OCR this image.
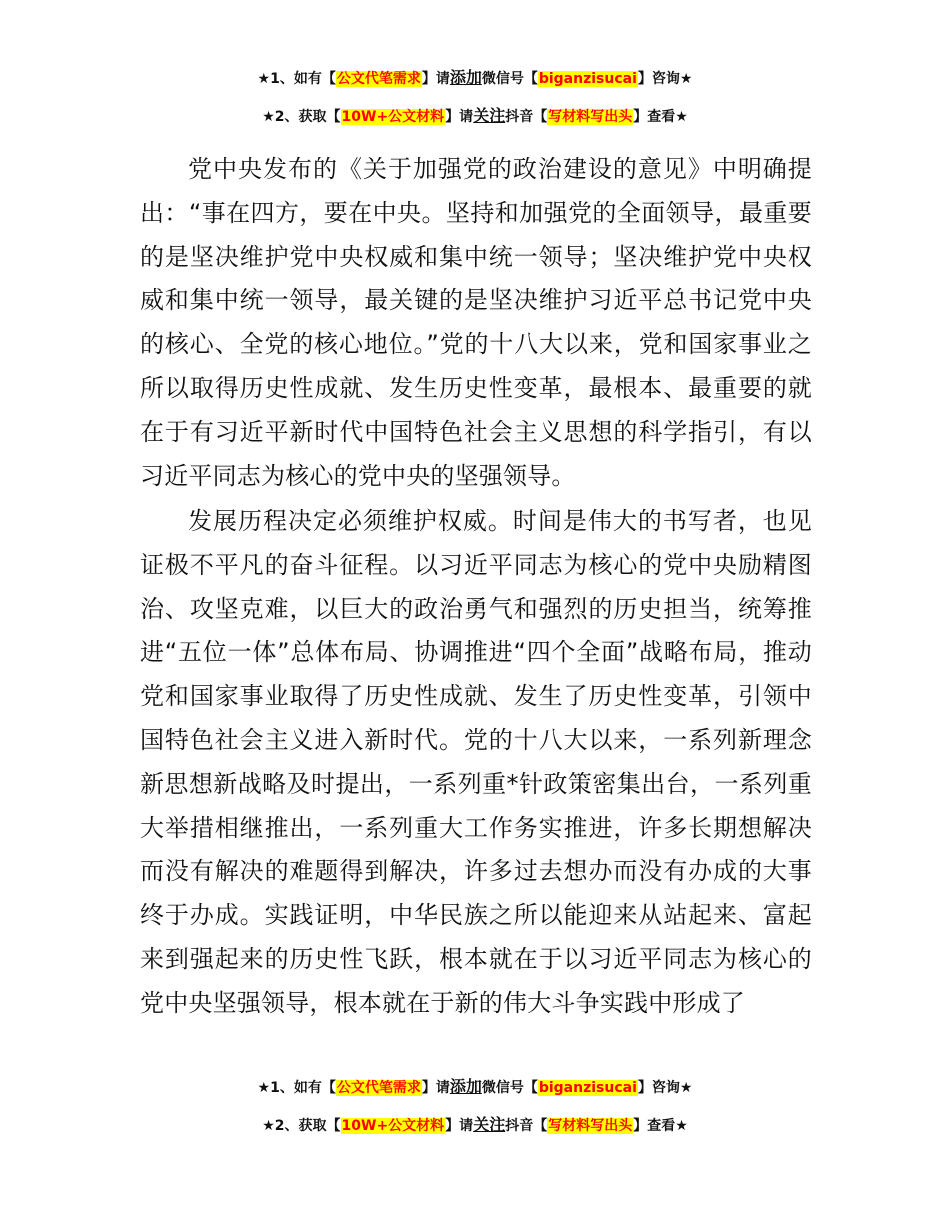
★1、如有【公文代笔需求】请添加微信号【biganzisucai】咨询★
★2、获取【10W+公文材料】请关注抖音【写材料写出头】查看★

党中央发布的《关于加强党的政治建设的意见》中明确提出：“事在四方，要在中央。坚持和加强党的全面领导，最重要的是坚决维护党中央权威和集中统一领导；坚决维护党中央权威和集中统一领导，最关键的是坚决维护习近平总书记党中央的核心、全党的核心地位。”党的十八大以来，党和国家事业之所以取得历史性成就、发生历史性变革，最根本、最重要的就在于有习近平新时代中国特色社会主义思想的科学指引，有以习近平同志为核心的党中央的坚强领导。

发展历程决定必须维护权威。时间是伟大的书写者，也见证极不平凡的奋斗征程。以习近平同志为核心的党中央励精图治、攻坚克难，以巨大的政治勇气和强烈的历史担当，统筹推进“五位一体”总体布局、协调推进“四个全面”战略布局，推动党和国家事业取得了历史性成就、发生了历史性变革，引领中国特色社会主义进入新时代。党的十八大以来，一系列新理念新思想新战略及时提出，一系列重*针政策密集出台，一系列重大举措相继推出，一系列重大工作务实推进，许多长期想解决而没有解决的难题得到解决，许多过去想办而没有办成的大事终于办成。实践证明，中华民族之所以能迎来从站起来、富起来到强起来的历史性飞跃，根本就在于以习近平同志为核心的党中央坚强领导，根本就在于新的伟大斗争实践中形成了

★1、如有【公文代笔需求】请添加微信号【biganzisucai】咨询★
★2、获取【10W+公文材料】请关注抖音【写材料写出头】查看★
